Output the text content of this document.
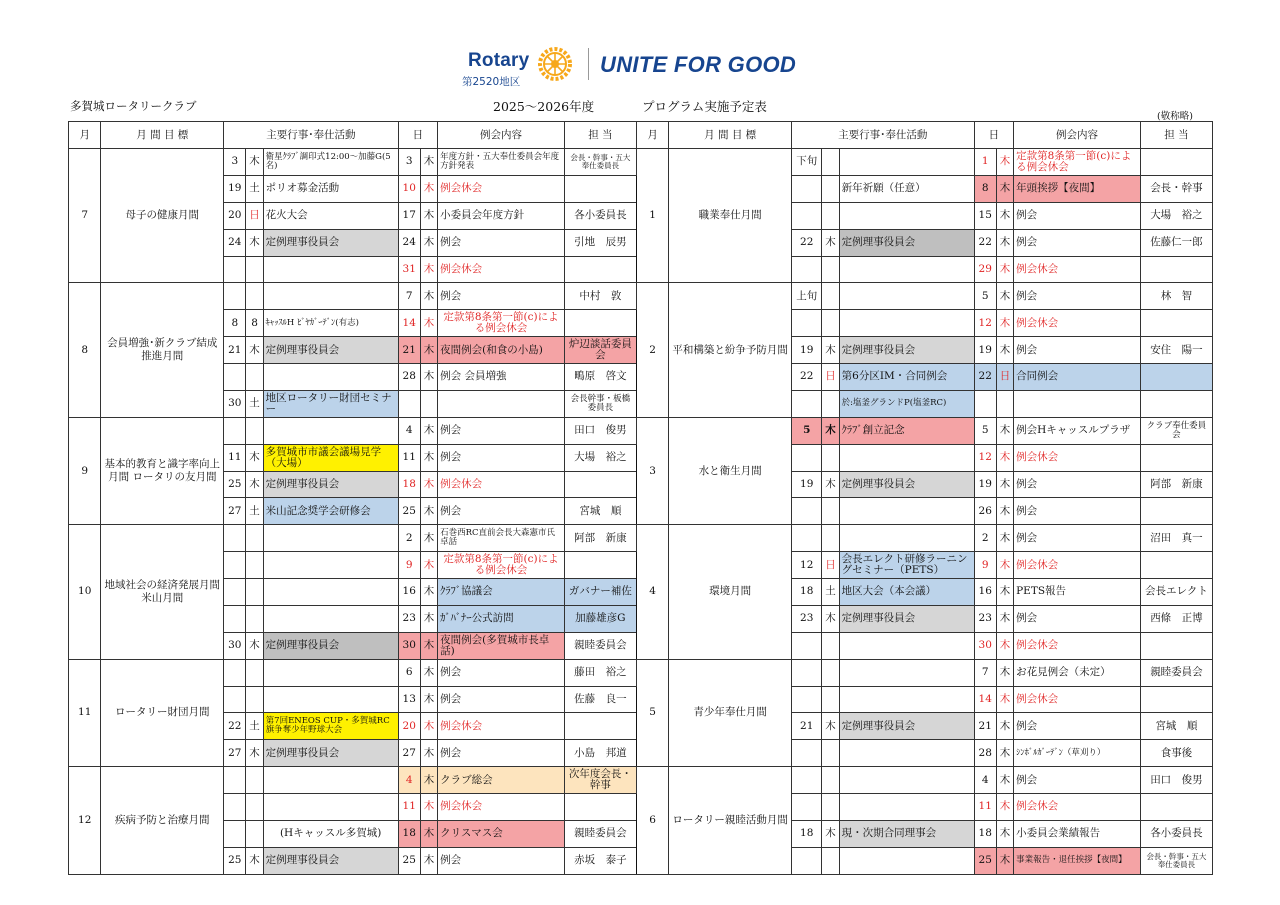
Rotary
第2520地区
UNITE FOR GOOD
多賀城ロータリークラブ	2025～2026年度	プログラム実施予定表
(敬称略)
月	月 間 目 標	主要行事･奉仕活動			日		例会内容	担 当	月	月 間 目 標	主要行事･奉仕活動			日		例会内容	担 当
7	母子の健康月間	3	木	衛星ｸﾗﾌﾞ調印式12:00～加藤G(5名)	3	木	年度方針・五大奉仕委員会年度方針発表	会長・幹事・五大奉仕委員長	1	職業奉仕月間	下旬			1	木	定款第8条第一節(c)による例会休会	
		19	土	ポリオ募金活動	10	木	例会休会						新年祈願（任意）	8	木	年頭挨拶【夜間】	会長・幹事
		20	日	花火大会	17	木	小委員会年度方針	各小委員長						15	木	例会	大場　裕之
		24	木	定例理事役員会	24	木	例会	引地　辰男			22	木	定例理事役員会	22	木	例会	佐藤仁一郎
					31	木	例会休会							29	木	例会休会	
8	会員増強･新クラブ結成推進月間				7	木	例会	中村　敦	2	平和構築と紛争予防月間	上旬			5	木	例会	林　智
		8	8	ｷｬｯｽﾙH ﾋﾞﾔｶﾞｰﾃﾞﾝ(有志)	14	木	定款第8条第一節(c)による例会休会							12	木	例会休会	
		21	木	定例理事役員会	21	木	夜間例会(和食の小島)	炉辺談話委員会			19	木	定例理事役員会	19	木	例会	安住　陽一
					28	木	例会 会員増強	鴫原　啓文			22	日	第6分区IM・合同例会	22	日	合同例会	
		30	土	地区ロータリー財団セミナー				会長幹事・板橋委員長					於:塩釜グランドP(塩釜RC)				
9	基本的教育と識字率向上月間 ロータリの友月間				4	木	例会	田口　俊男	3	水と衛生月間	5	木	ｸﾗﾌﾞ創立記念	5	木	例会Hキャッスルプラザ	クラブ奉仕委員会
		11	木	多賀城市市議会議場見学（大場）	11	木	例会	大場　裕之						12	木	例会休会	
		25	木	定例理事役員会	18	木	例会休会				19	木	定例理事役員会	19	木	例会	阿部　新康
		27	土	米山記念奨学会研修会	25	木	例会	宮城　順						26	木	例会	
10	地域社会の経済発展月間 米山月間				2	木	石巻西RC直前会長大森憲市氏卓話	阿部　新康	4	環境月間				2	木	例会	沼田　真一
					9	木	定款第8条第一節(c)による例会休会				12	日	会長エレクト研修ラーニングセミナー（PETS）	9	木	例会休会	
					16	木	ｸﾗﾌﾞ協議会	ガバナー補佐			18	土	地区大会（本会議）	16	木	PETS報告	会長エレクト
					23	木	ｶﾞﾊﾞﾅｰ公式訪問	加藤雄彦G			23	木	定例理事役員会	23	木	例会	西條　正博
		30	木	定例理事役員会	30	木	夜間例会(多賀城市長卓話)	親睦委員会						30	木	例会休会	
11	ロータリー財団月間				6	木	例会	藤田　裕之	5	青少年奉仕月間				7	木	お花見例会（未定）	親睦委員会
					13	木	例会	佐藤　良一						14	木	例会休会	
		22	土	第7回ENEOS CUP・多賀城RC旗争奪少年野球大会	20	木	例会休会				21	木	定例理事役員会	21	木	例会	宮城　順
		27	木	定例理事役員会	27	木	例会	小島　邦道						28	木	ｼﾝﾎﾞﾙｶﾞｰﾃﾞﾝ（草刈り）	食事後
12	疾病予防と治療月間				4	木	クラブ総会	次年度会長・幹事	6	ロータリー親睦活動月間				4	木	例会	田口　俊男
					11	木	例会休会							11	木	例会休会	
				(Hキャッスル多賀城)	18	木	クリスマス会	親睦委員会			18	木	現・次期合同理事会	18	木	小委員会業績報告	各小委員長
		25	木	定例理事役員会	25	木	例会	赤坂　泰子						25	木	事業報告・退任挨拶【夜間】	会長・幹事・五大奉仕委員長
